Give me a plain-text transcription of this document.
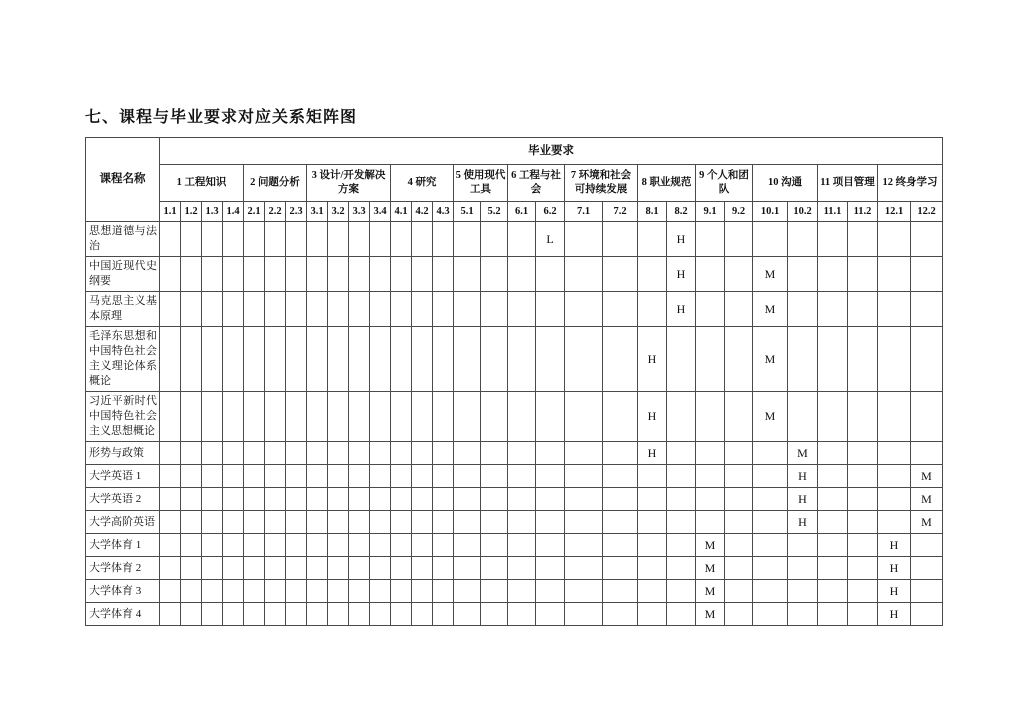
七、课程与毕业要求对应关系矩阵图
课程名称	毕业要求																													
	1 工程知识				2 问题分析			3 设计/开发解决方案				4 研究			5 使用现代工具		6 工程与社会		7 环境和社会可持续发展		8 职业规范		9 个人和团队		10 沟通		11 项目管理		12 终身学习	
	1.1	1.2	1.3	1.4	2.1	2.2	2.3	3.1	3.2	3.3	3.4	4.1	4.2	4.3	5.1	5.2	6.1	6.2	7.1	7.2	8.1	8.2	9.1	9.2	10.1	10.2	11.1	11.2	12.1	12.2
思想道德与法治																		L				H								
中国近现代史纲要																						H			M					
马克思主义基本原理																						H			M					
毛泽东思想和中国特色社会主义理论体系概论																					H				M					
习近平新时代中国特色社会主义思想概论																					H				M					
形势与政策																					H					M				
大学英语 1																										H				M
大学英语 2																										H				M
大学高阶英语																										H				M
大学体育 1																							M						H	
大学体育 2																							M						H	
大学体育 3																							M						H	
大学体育 4																							M						H	
